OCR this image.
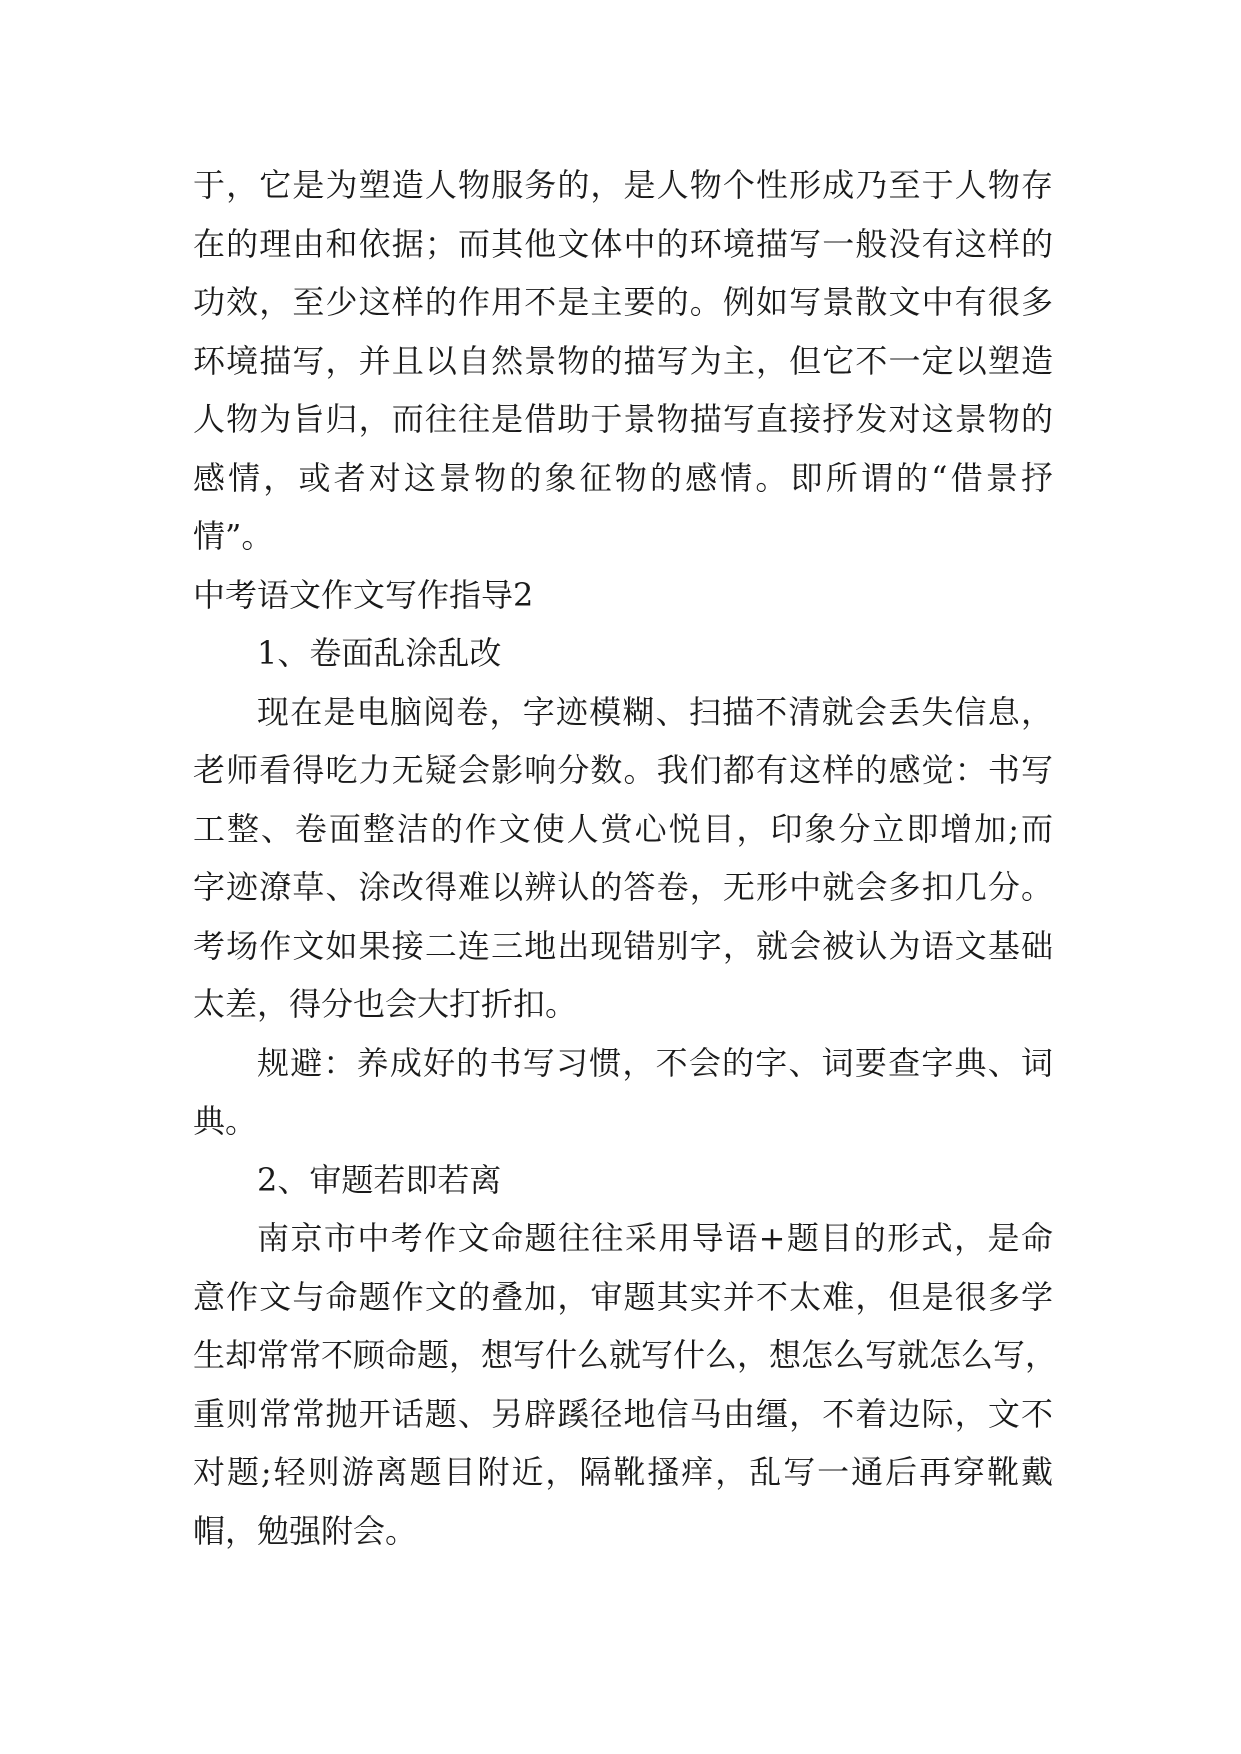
于，它是为塑造人物服务的，是人物个性形成乃至于人物存
在的理由和依据；而其他文体中的环境描写一般没有这样的
功效，至少这样的作用不是主要的。例如写景散文中有很多
环境描写，并且以自然景物的描写为主，但它不一定以塑造
人物为旨归，而往往是借助于景物描写直接抒发对这景物的
感情，或者对这景物的象征物的感情。即所谓的“借景抒
情”。
中考语文作文写作指导2
1、卷面乱涂乱改
现在是电脑阅卷，字迹模糊、扫描不清就会丢失信息，
老师看得吃力无疑会影响分数。我们都有这样的感觉：书写
工整、卷面整洁的作文使人赏心悦目，印象分立即增加;而
字迹潦草、涂改得难以辨认的答卷，无形中就会多扣几分。
考场作文如果接二连三地出现错别字，就会被认为语文基础
太差，得分也会大打折扣。
规避：养成好的书写习惯，不会的字、词要查字典、词
典。
2、审题若即若离
南京市中考作文命题往往采用导语+题目的形式，是命
意作文与命题作文的叠加，审题其实并不太难，但是很多学
生却常常不顾命题，想写什么就写什么，想怎么写就怎么写，
重则常常抛开话题、另辟蹊径地信马由缰，不着边际，文不
对题;轻则游离题目附近，隔靴搔痒，乱写一通后再穿靴戴
帽，勉强附会。
